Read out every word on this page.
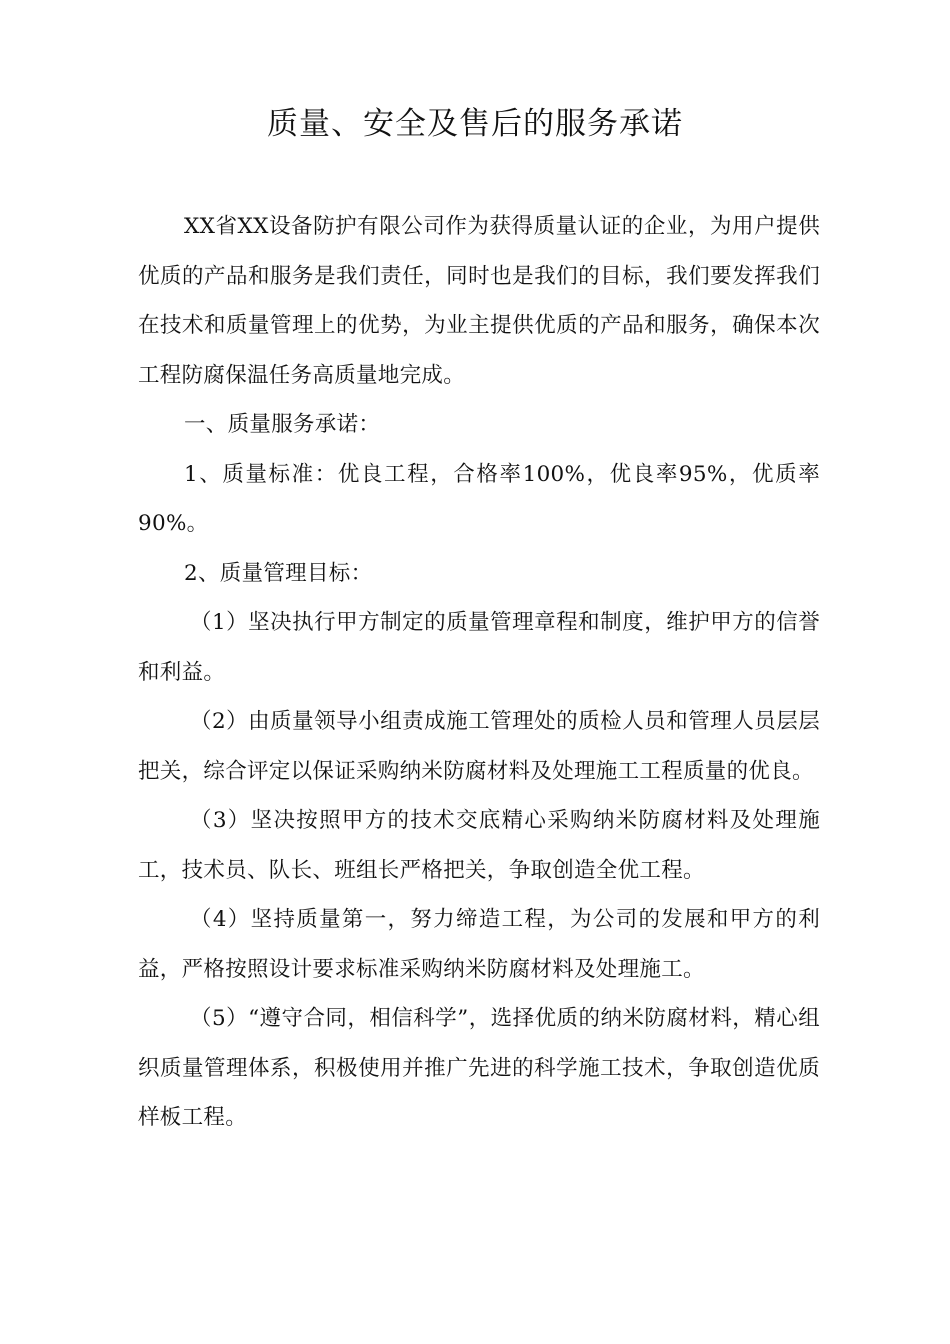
质量、安全及售后的服务承诺

XX省XX设备防护有限公司作为获得质量认证的企业，为用户提供优质的产品和服务是我们责任，同时也是我们的目标，我们要发挥我们在技术和质量管理上的优势，为业主提供优质的产品和服务，确保本次工程防腐保温任务高质量地完成。

一、质量服务承诺：

1、质量标准：优良工程，合格率100%，优良率95%，优质率90%。

2、质量管理目标：

（1）坚决执行甲方制定的质量管理章程和制度，维护甲方的信誉和利益。

（2）由质量领导小组责成施工管理处的质检人员和管理人员层层把关，综合评定以保证采购纳米防腐材料及处理施工工程质量的优良。

（3）坚决按照甲方的技术交底精心采购纳米防腐材料及处理施工，技术员、队长、班组长严格把关，争取创造全优工程。

（4）坚持质量第一，努力缔造工程，为公司的发展和甲方的利益，严格按照设计要求标准采购纳米防腐材料及处理施工。

（5）“遵守合同，相信科学”，选择优质的纳米防腐材料，精心组织质量管理体系，积极使用并推广先进的科学施工技术，争取创造优质样板工程。
